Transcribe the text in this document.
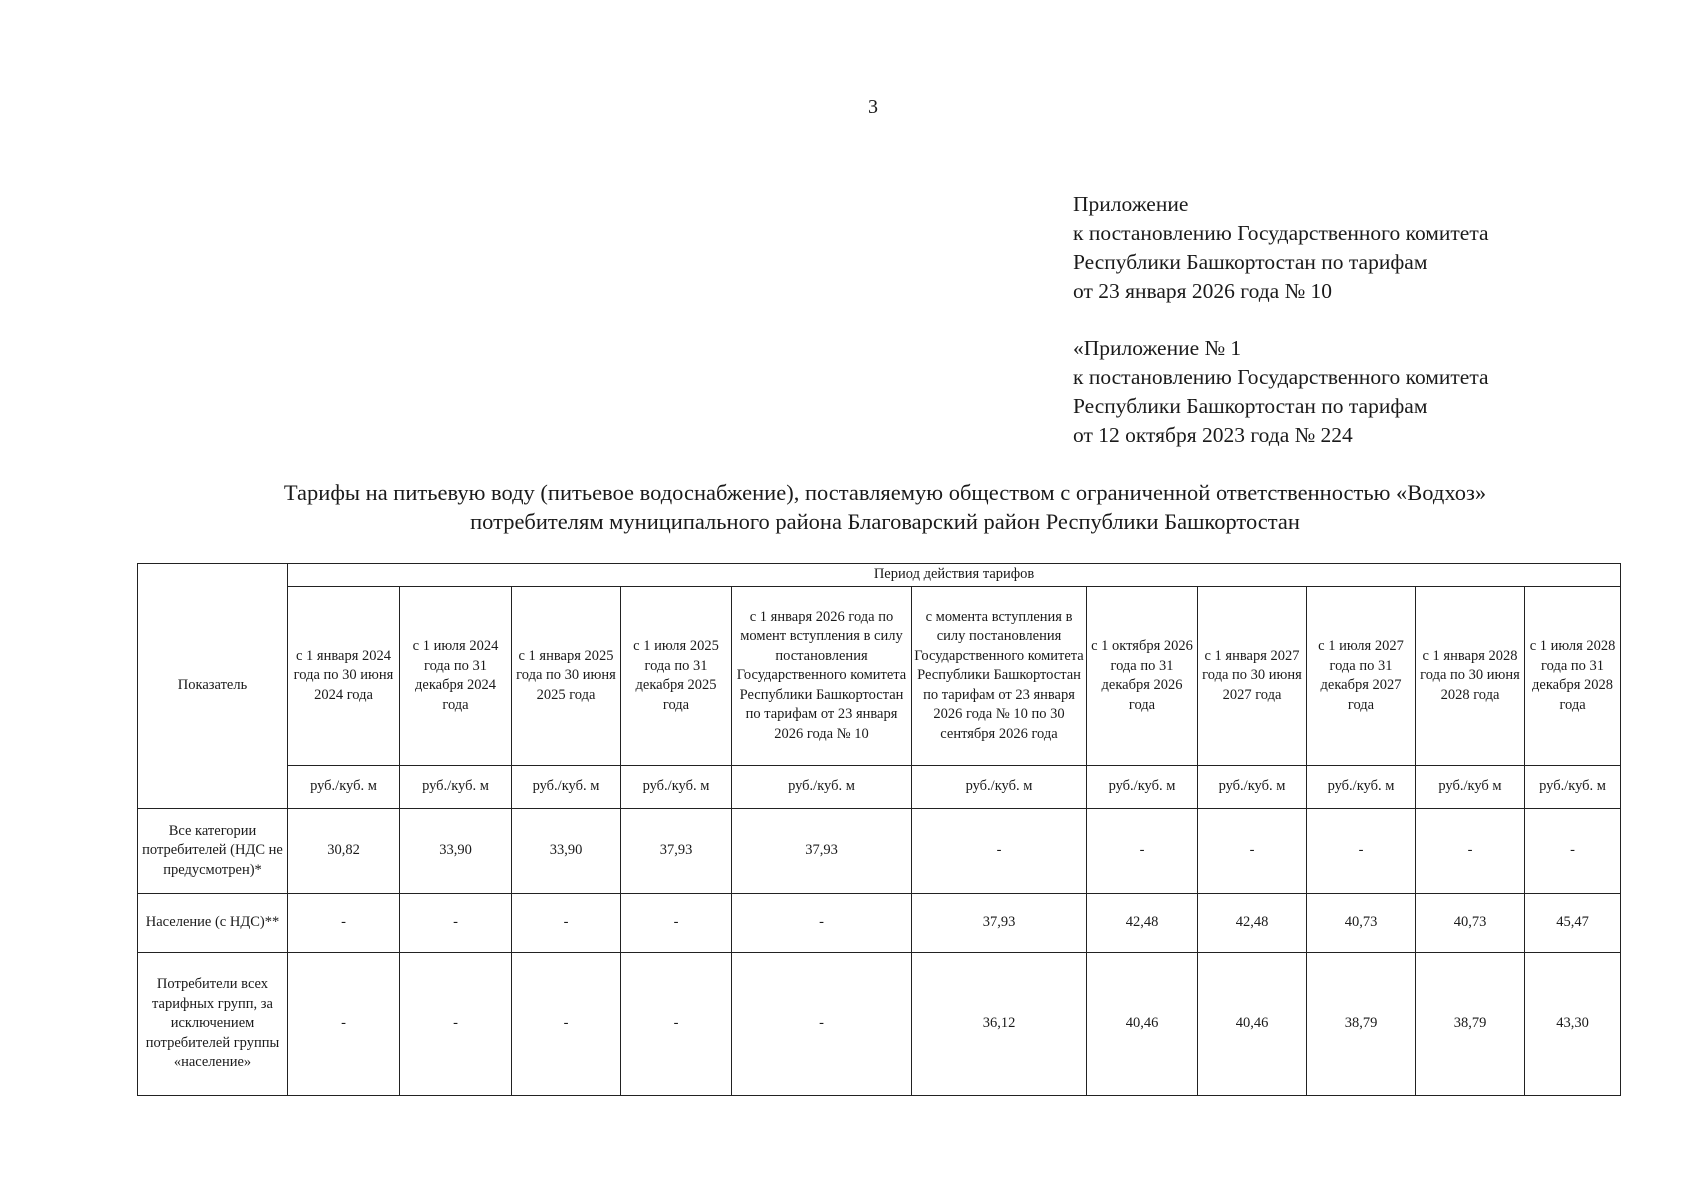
3
Приложение
к постановлению Государственного комитета
Республики Башкортостан по тарифам
от 23 января 2026 года № 10
«Приложение № 1
к постановлению Государственного комитета
Республики Башкортостан по тарифам
от 12 октября 2023 года № 224
Тарифы на питьевую воду (питьевое водоснабжение), поставляемую обществом с ограниченной ответственностью «Водхоз»
потребителям муниципального района Благоварский район Республики Башкортостан
Показатель	Период действия тарифов										
	с 1 января 2024 года по 30 июня 2024 года	с 1 июля 2024 года по 31 декабря 2024 года	с 1 января 2025 года по 30 июня 2025 года	с 1 июля 2025 года по 31 декабря 2025 года	с 1 января 2026 года по момент вступления в силу постановления Государственного комитета Республики Башкортостан по тарифам от 23 января 2026 года № 10	с момента вступления в силу постановления Государственного комитета Республики Башкортостан по тарифам от 23 января 2026 года № 10 по 30 сентября 2026 года	с 1 октября 2026 года по 31 декабря 2026 года	с 1 января 2027 года по 30 июня 2027 года	с 1 июля 2027 года по 31 декабря 2027 года	с 1 января 2028 года по 30 июня 2028 года	с 1 июля 2028 года по 31 декабря 2028 года
	руб./куб. м	руб./куб. м	руб./куб. м	руб./куб. м	руб./куб. м	руб./куб. м	руб./куб. м	руб./куб. м	руб./куб. м	руб./куб м	руб./куб. м
Все категории потребителей (НДС не предусмотрен)*	30,82	33,90	33,90	37,93	37,93	-	-	-	-	-	-
Население (с НДС)**	-	-	-	-	-	37,93	42,48	42,48	40,73	40,73	45,47
Потребители всех тарифных групп, за исключением потребителей группы «население»	-	-	-	-	-	36,12	40,46	40,46	38,79	38,79	43,30
